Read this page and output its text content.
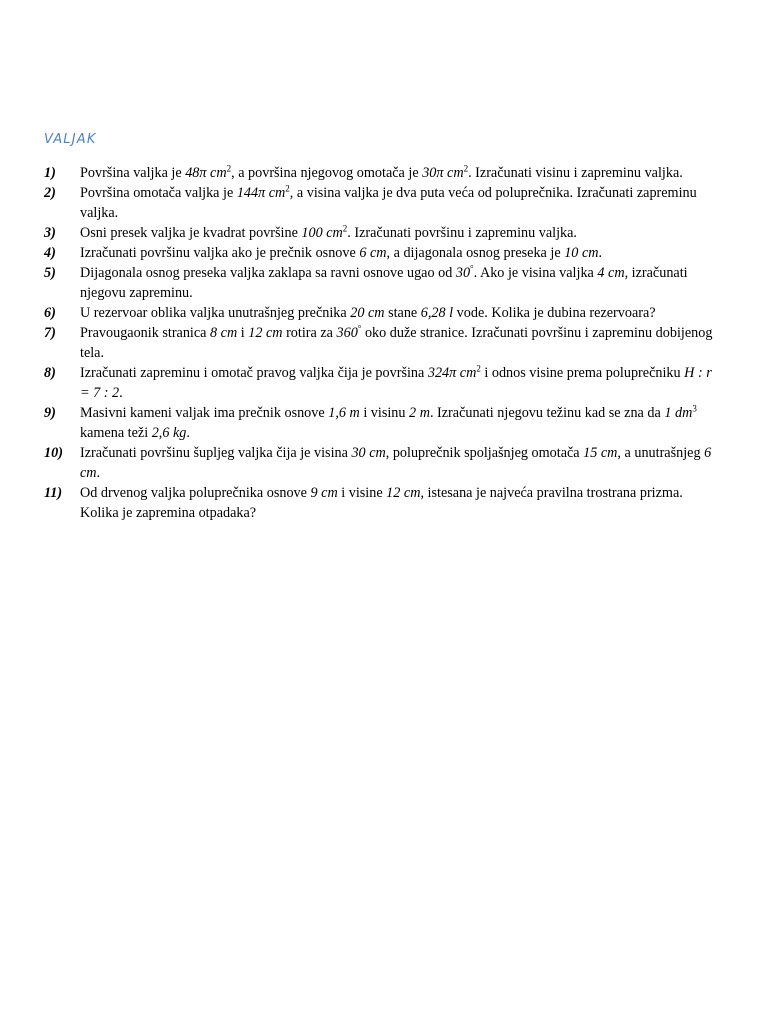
VALJAK
1) Površina valjka je 48π $cm^2$, a površina njegovog omotača je 30π $cm^2$. Izračunati visinu i zapreminu valjka.
2) Površina omotača valjka je 144π $cm^2$, a visina valjka je dva puta veća od poluprečnika. Izračunati zapreminu valjka.
3) Osni presek valjka je kvadrat površine 100 $cm^2$. Izračunati površinu i zapreminu valjka.
4) Izračunati površinu valjka ako je prečnik osnove 6 cm, a dijagonala osnog preseka je 10 cm.
5) Dijagonala osnog preseka valjka zaklapa sa ravni osnove ugao od 30°. Ako je visina valjka 4 cm, izračunati njegovu zapreminu.
6) U rezervoar oblika valjka unutrašnjeg prečnika 20 cm stane 6,28 l vode. Kolika je dubina rezervoara?
7) Pravougaonik stranica 8 cm i 12 cm rotira za 360° oko duže stranice. Izračunati površinu i zapreminu dobijenog tela.
8) Izračunati zapreminu i omotač pravog valjka čija je površina 324π $cm^2$ i odnos visine prema poluprečniku H : r = 7 : 2.
9) Masivni kameni valjak ima prečnik osnove 1,6 m i visinu 2 m. Izračunati njegovu težinu kad se zna da 1 $dm^3$ kamena teži 2,6 kg.
10) Izračunati površinu šupljeg valjka čija je visina 30 cm, poluprečnik spoljašnjeg omotača 15 cm, a unutrašnjeg 6 cm.
11) Od drvenog valjka poluprečnika osnove 9 cm i visine 12 cm, istesana je najveća pravilna trostrana prizma. Kolika je zapremina otpadaka?
